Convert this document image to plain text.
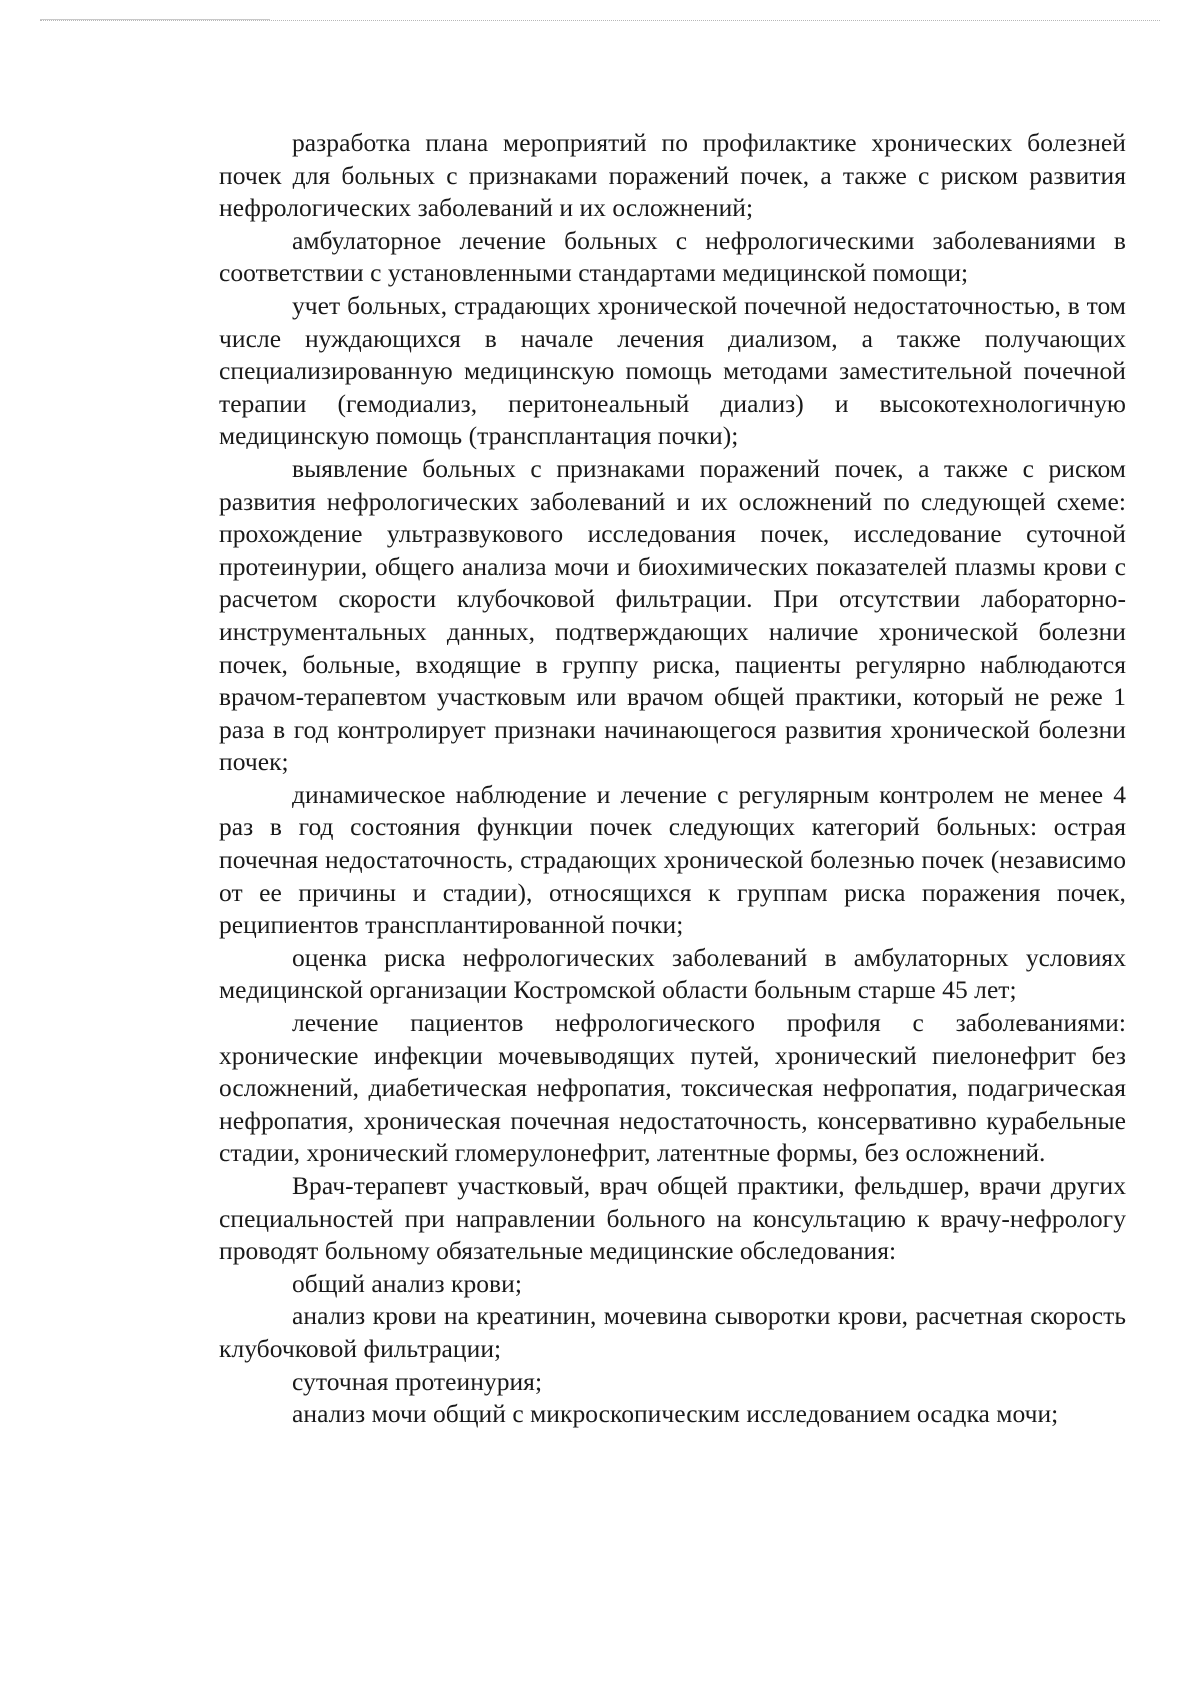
разработка плана мероприятий по профилактике хронических болезней почек для больных с признаками поражений почек, а также с риском развития нефрологических заболеваний и их осложнений;

амбулаторное лечение больных с нефрологическими заболеваниями в соответствии с установленными стандартами медицинской помощи;

учет больных, страдающих хронической почечной недостаточностью, в том числе нуждающихся в начале лечения диализом, а также получающих специализированную медицинскую помощь методами заместительной почечной терапии (гемодиализ, перитонеальный диализ) и высокотехнологичную медицинскую помощь (трансплантация почки);

выявление больных с признаками поражений почек, а также с риском развития нефрологических заболеваний и их осложнений по следующей схеме: прохождение ультразвукового исследования почек, исследование суточной протеинурии, общего анализа мочи и биохимических показателей плазмы крови с расчетом скорости клубочковой фильтрации. При отсутствии лабораторно-инструментальных данных, подтверждающих наличие хронической болезни почек, больные, входящие в группу риска, пациенты регулярно наблюдаются врачом-терапевтом участковым или врачом общей практики, который не реже 1 раза в год контролирует признаки начинающегося развития хронической болезни почек;

динамическое наблюдение и лечение с регулярным контролем не менее 4 раз в год состояния функции почек следующих категорий больных: острая почечная недостаточность, страдающих хронической болезнью почек (независимо от ее причины и стадии), относящихся к группам риска поражения почек, реципиентов трансплантированной почки;

оценка риска нефрологических заболеваний в амбулаторных условиях медицинской организации Костромской области больным старше 45 лет;

лечение пациентов нефрологического профиля с заболеваниями: хронические инфекции мочевыводящих путей, хронический пиелонефрит без осложнений, диабетическая нефропатия, токсическая нефропатия, подагрическая нефропатия, хроническая почечная недостаточность, консервативно курабельные стадии, хронический гломерулонефрит, латентные формы, без осложнений.

Врач-терапевт участковый, врач общей практики, фельдшер, врачи других специальностей при направлении больного на консультацию к врачу-нефрологу проводят больному обязательные медицинские обследования:

общий анализ крови;

анализ крови на креатинин, мочевина сыворотки крови, расчетная скорость клубочковой фильтрации;

суточная протеинурия;

анализ мочи общий с микроскопическим исследованием осадка мочи;
